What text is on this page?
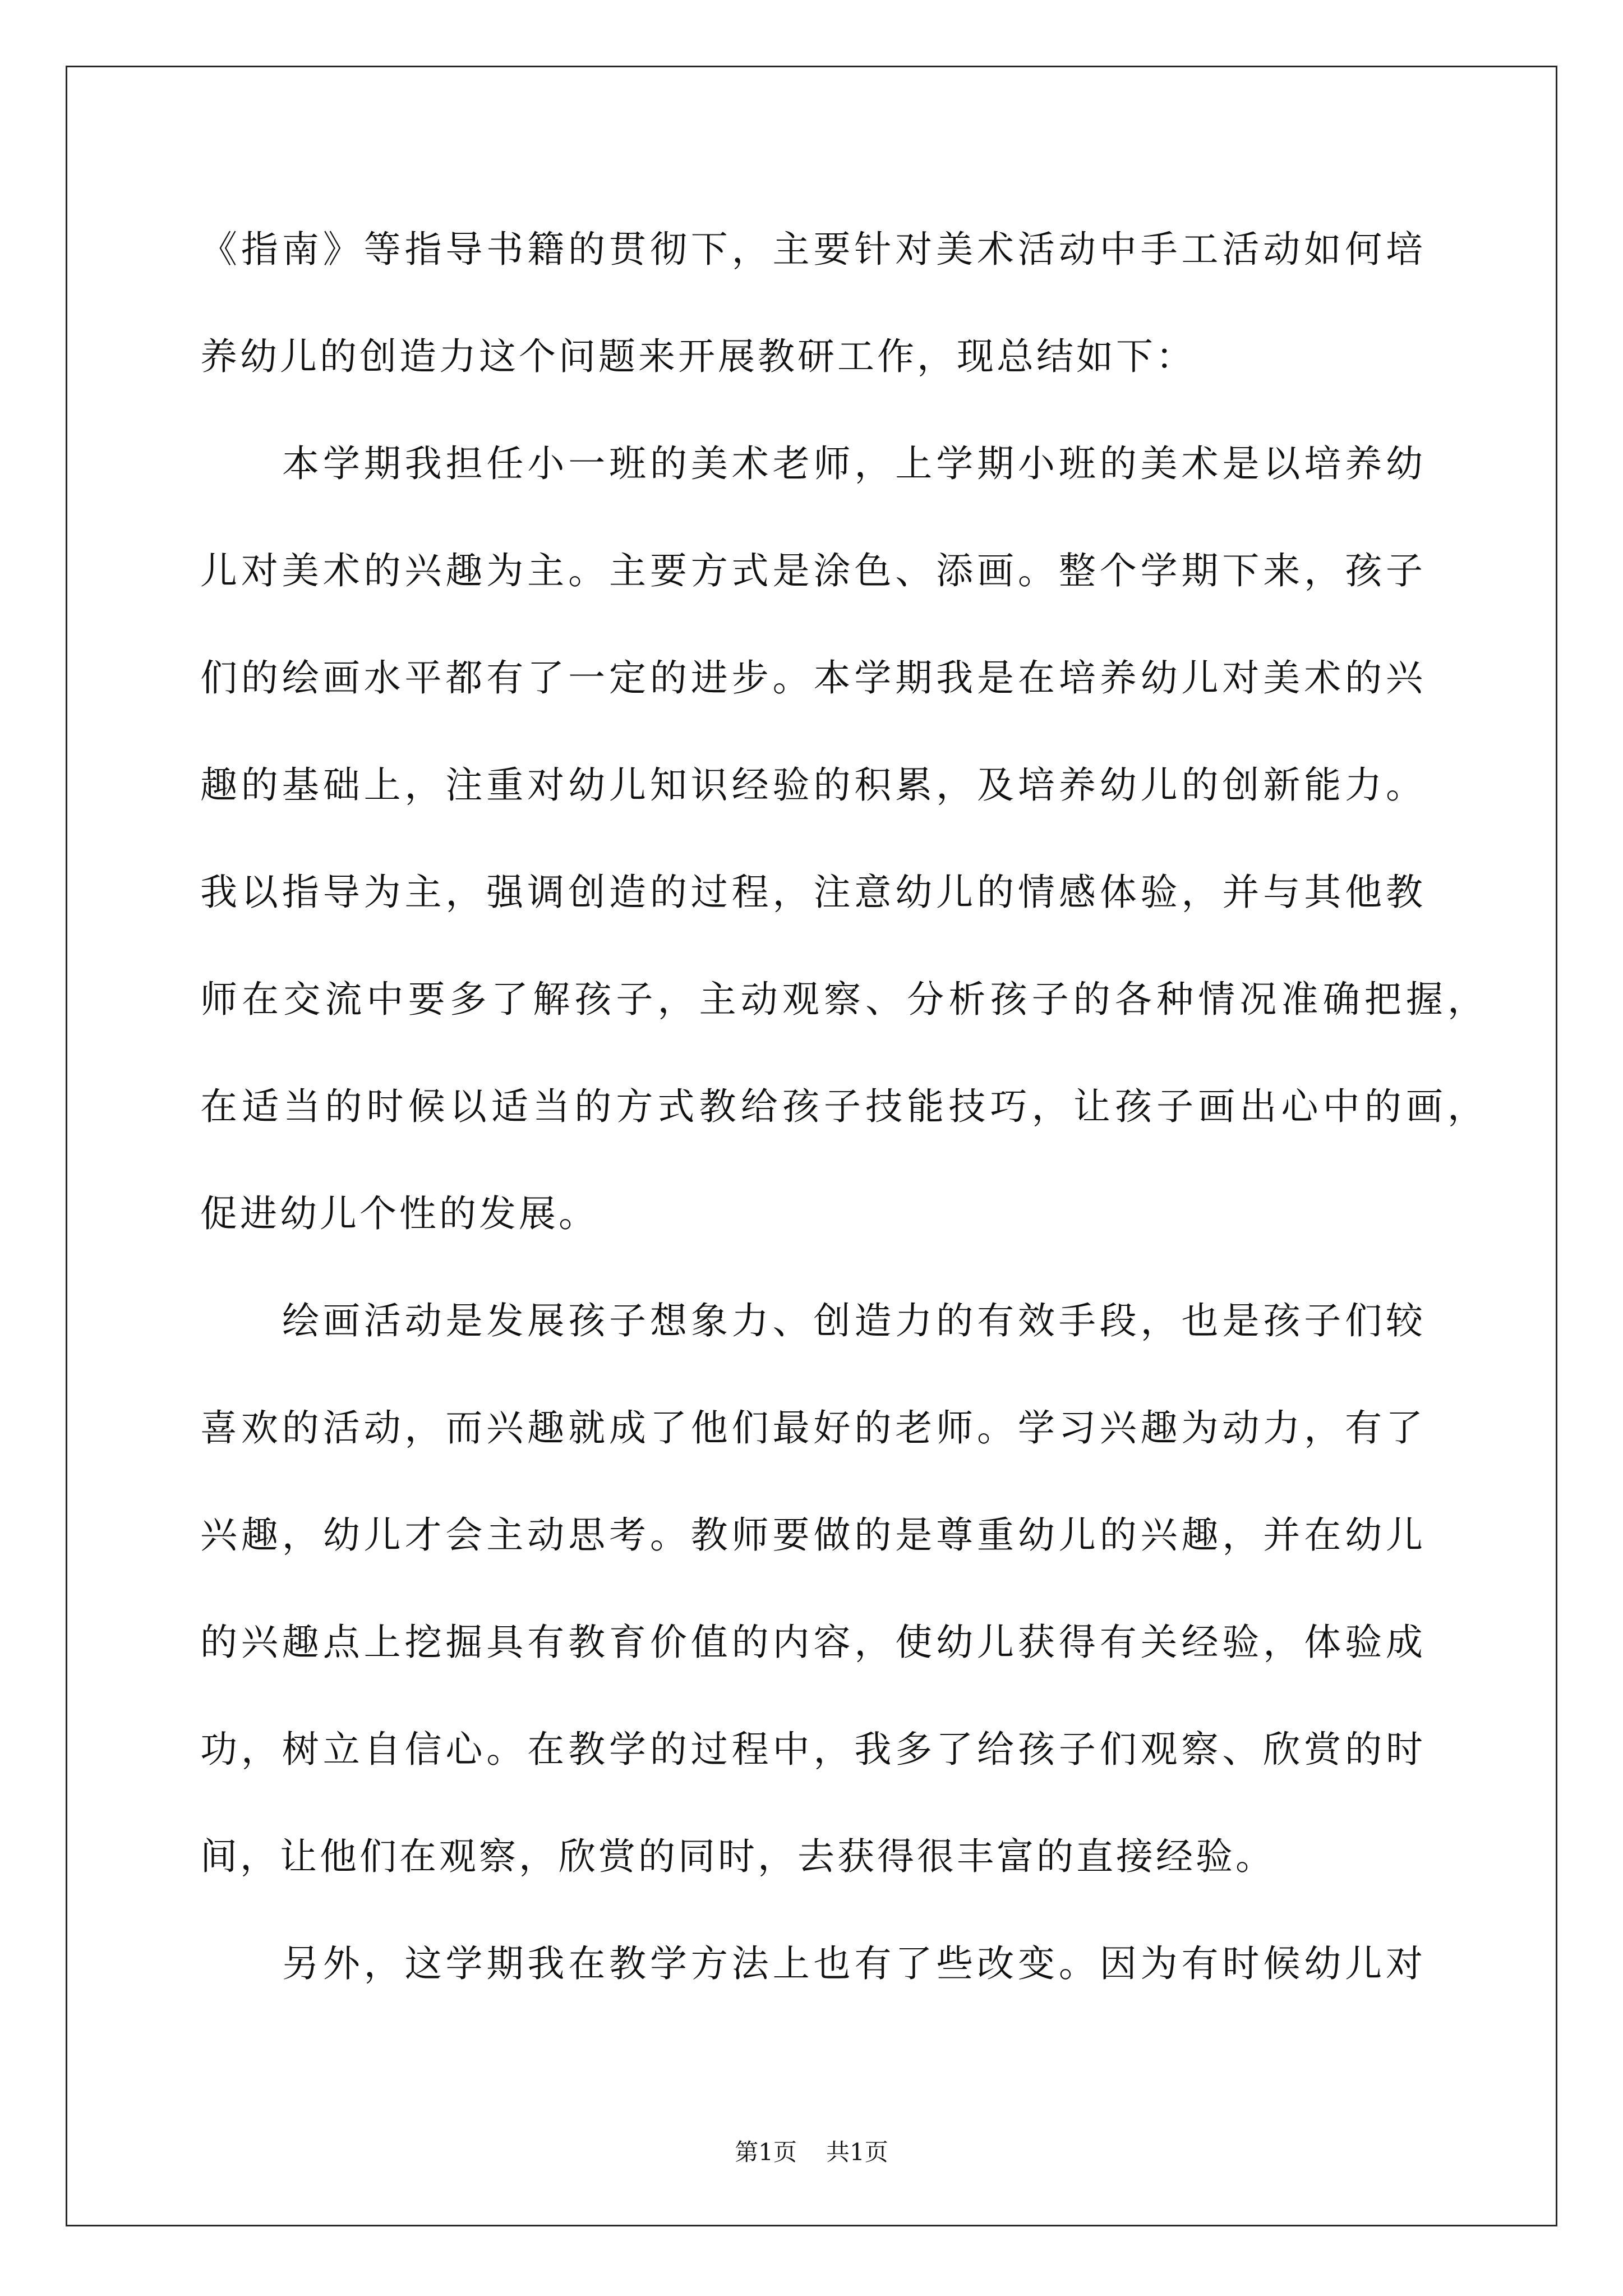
《指南》等指导书籍的贯彻下，主要针对美术活动中手工活动如何培
养幼儿的创造力这个问题来开展教研工作，现总结如下：
本学期我担任小一班的美术老师，上学期小班的美术是以培养幼
儿对美术的兴趣为主。主要方式是涂色、添画。整个学期下来，孩子
们的绘画水平都有了一定的进步。本学期我是在培养幼儿对美术的兴
趣的基础上，注重对幼儿知识经验的积累，及培养幼儿的创新能力。
我以指导为主，强调创造的过程，注意幼儿的情感体验，并与其他教
师在交流中要多了解孩子，主动观察、分析孩子的各种情况准确把握，
在适当的时候以适当的方式教给孩子技能技巧，让孩子画出心中的画，
促进幼儿个性的发展。
绘画活动是发展孩子想象力、创造力的有效手段，也是孩子们较
喜欢的活动，而兴趣就成了他们最好的老师。学习兴趣为动力，有了
兴趣，幼儿才会主动思考。教师要做的是尊重幼儿的兴趣，并在幼儿
的兴趣点上挖掘具有教育价值的内容，使幼儿获得有关经验，体验成
功，树立自信心。在教学的过程中，我多了给孩子们观察、欣赏的时
间，让他们在观察，欣赏的同时，去获得很丰富的直接经验。
另外，这学期我在教学方法上也有了些改变。因为有时候幼儿对
第1页 共1页
